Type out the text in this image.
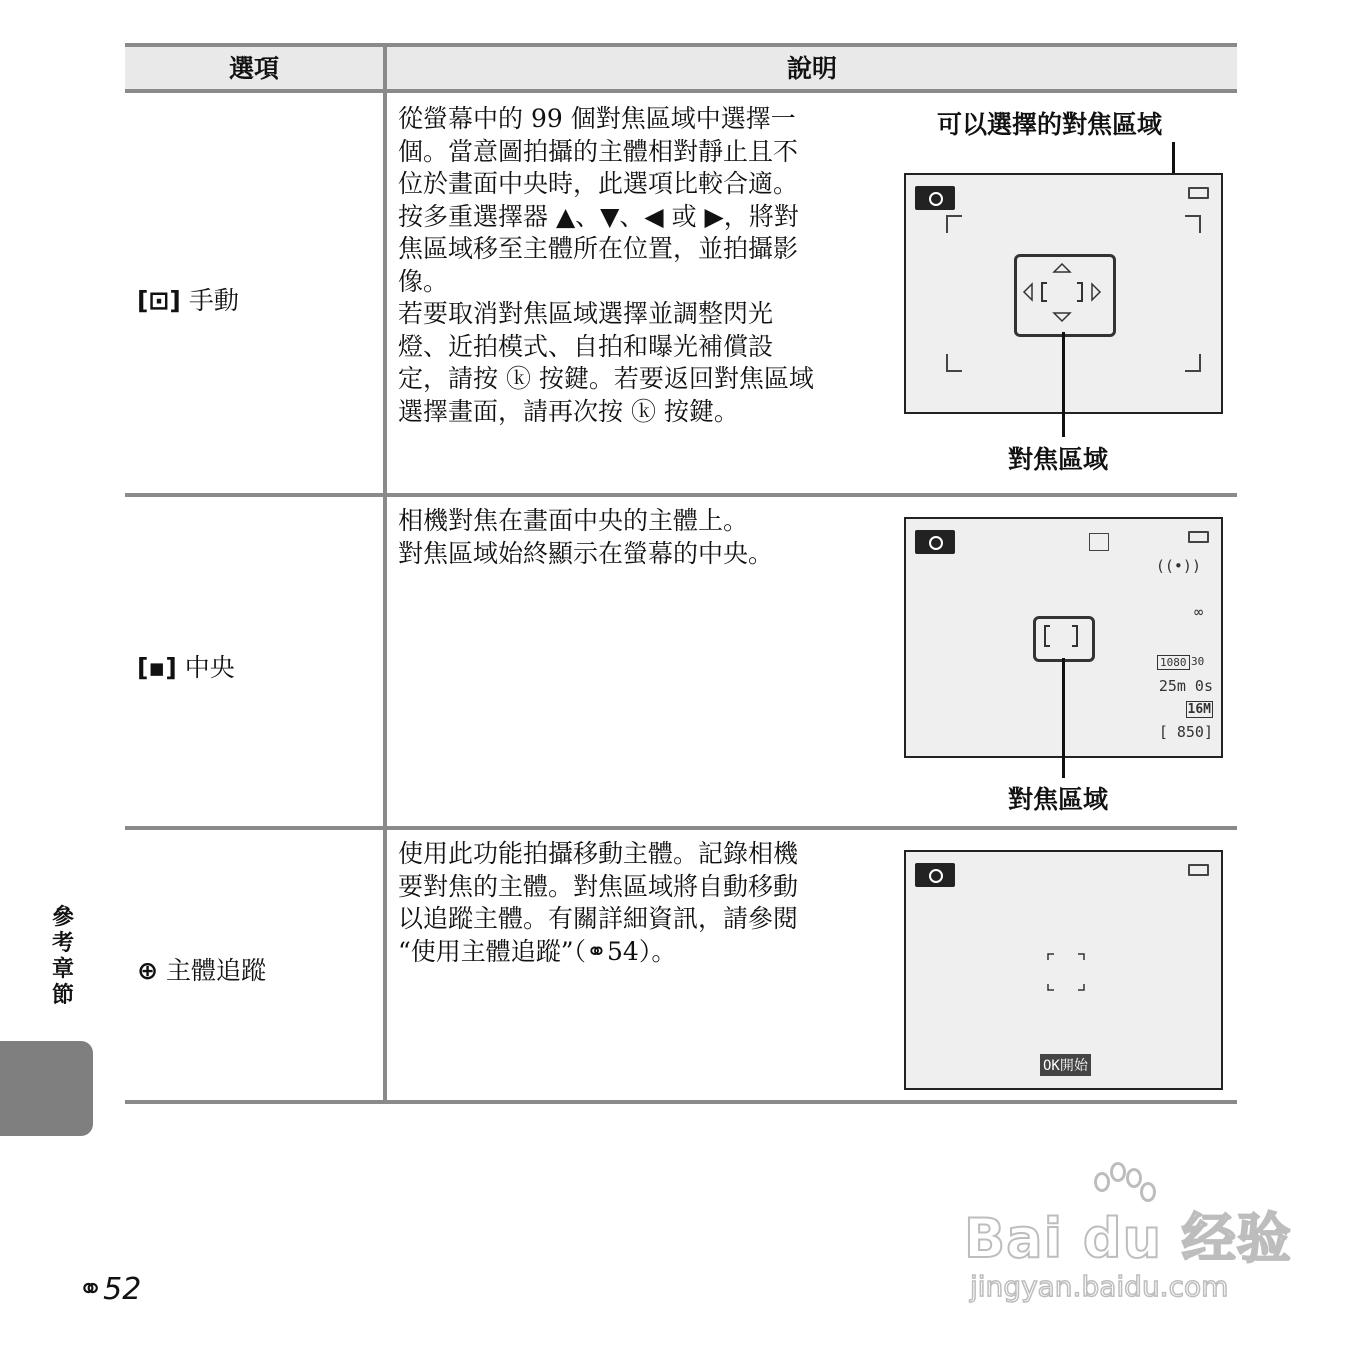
選項	說明
[⊡] 手動

從螢幕中的 99 個對焦區域中選擇一

個。當意圖拍攝的主體相對靜止且不

位於畫面中央時，此選項比較合適。

按多重選擇器 ▲、▼、◀ 或 ▶，將對

焦區域移至主體所在位置，並拍攝影

像。

若要取消對焦區域選擇並調整閃光

燈、近拍模式、自拍和曝光補償設

定，請按 ⓚ 按鍵。若要返回對焦區域

選擇畫面，請再次按 ⓚ 按鍵。

[▪] 中央

相機對焦在畫面中央的主體上。

對焦區域始終顯示在螢幕的中央。

⊕ 主體追蹤

使用此功能拍攝移動主體。記錄相機

要對焦的主體。對焦區域將自動移動

以追蹤主體。有關詳細資訊，請參閱

“使用主體追蹤”（⚭54）。

可以選擇的對焦區域
對焦區域
((•))
∞
1080 30
25m 0s
16M
[ 850]
對焦區域
OK開始
參考章節
⚭52
Bai du 经验
jingyan.baidu.com
